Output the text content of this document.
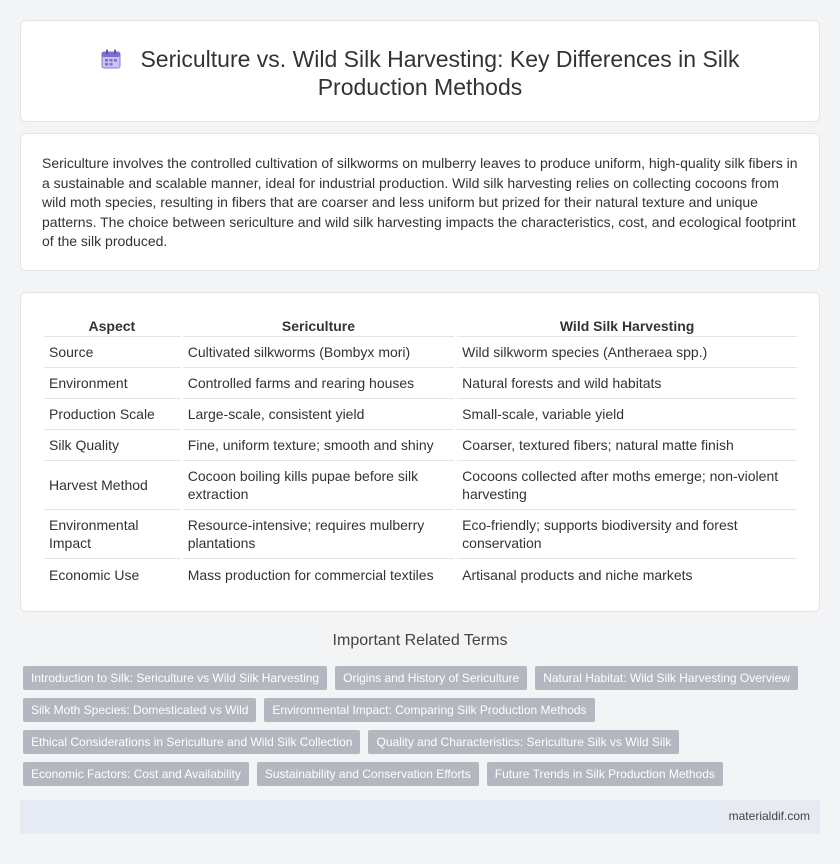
Sericulture vs. Wild Silk Harvesting: Key Differences in Silk Production Methods

Sericulture involves the controlled cultivation of silkworms on mulberry leaves to produce uniform, high-quality silk fibers in a sustainable and scalable manner, ideal for industrial production. Wild silk harvesting relies on collecting cocoons from wild moth species, resulting in fibers that are coarser and less uniform but prized for their natural texture and unique patterns. The choice between sericulture and wild silk harvesting impacts the characteristics, cost, and ecological footprint of the silk produced.

Aspect	Sericulture	Wild Silk Harvesting
Source	Cultivated silkworms (Bombyx mori)	Wild silkworm species (Antheraea spp.)
Environment	Controlled farms and rearing houses	Natural forests and wild habitats
Production Scale	Large-scale, consistent yield	Small-scale, variable yield
Silk Quality	Fine, uniform texture; smooth and shiny	Coarser, textured fibers; natural matte finish
Harvest Method	Cocoon boiling kills pupae before silk extraction	Cocoons collected after moths emerge; non-violent harvesting
Environmental Impact	Resource-intensive; requires mulberry plantations	Eco-friendly; supports biodiversity and forest conservation
Economic Use	Mass production for commercial textiles	Artisanal products and niche markets
Important Related Terms
Introduction to Silk: Sericulture vs Wild Silk Harvesting	Origins and History of Sericulture	Natural Habitat: Wild Silk Harvesting Overview
Silk Moth Species: Domesticated vs Wild	Environmental Impact: Comparing Silk Production Methods
Ethical Considerations in Sericulture and Wild Silk Collection	Quality and Characteristics: Sericulture Silk vs Wild Silk
Economic Factors: Cost and Availability	Sustainability and Conservation Efforts	Future Trends in Silk Production Methods
materialdif.com
